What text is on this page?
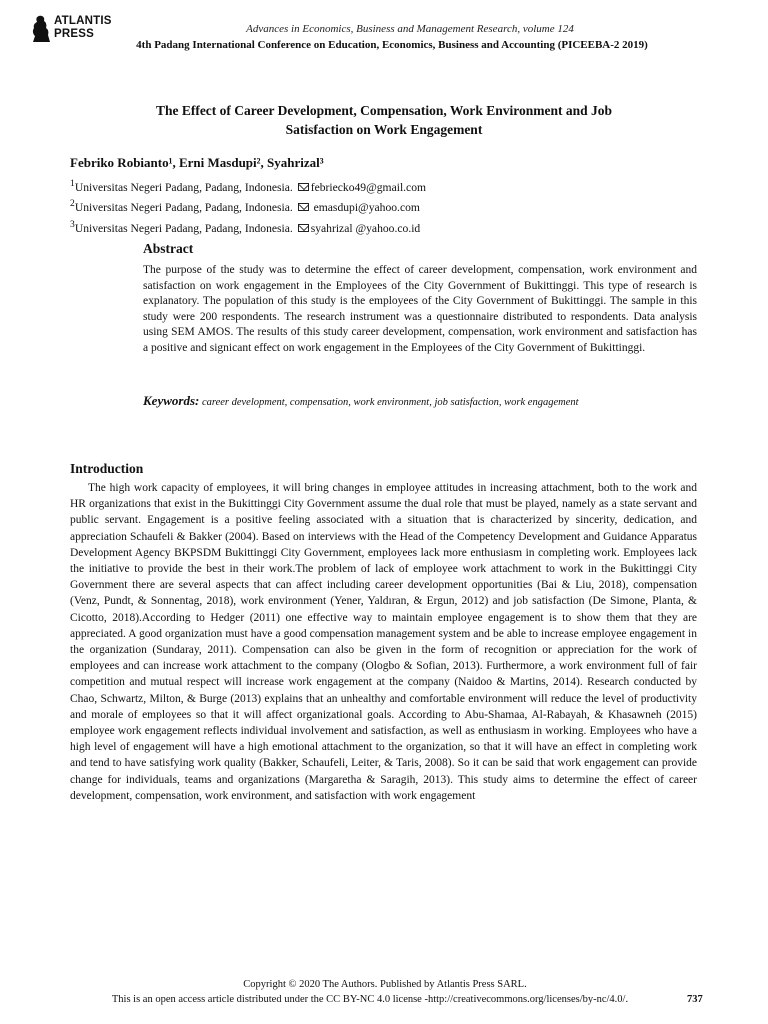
ATLANTIS
PRESS	Advances in Economics, Business and Management Research, volume 124
4th Padang International Conference on Education, Economics, Business and Accounting (PICEEBA-2 2019)
The Effect of Career Development, Compensation, Work Environment and Job
Satisfaction on Work Engagement
Febriko Robianto¹, Erni Masdupi², Syahrizal³
$^1$Universitas Negeri Padang, Padang, Indonesia. febriecko49@gmail.com
$^2$Universitas Negeri Padang, Padang, Indonesia.  emasdupi@yahoo.com
$^3$Universitas Negeri Padang, Padang, Indonesia. syahrizal @yahoo.co.id
Abstract
The purpose of the study was to determine the effect of career development, compensation, work environment and satisfaction on work engagement in the Employees of the City Government of Bukittinggi. This type of research is explanatory. The population of this study is the employees of the City Government of Bukittinggi. The sample in this study were 200 respondents. The research instrument was a questionnaire distributed to respondents. Data analysis using SEM AMOS. The results of this study career development, compensation, work environment and satisfaction has a positive and signicant effect on work engagement in the Employees of the City Government of Bukittinggi.
Keywords: career development, compensation, work environment, job satisfaction, work engagement
Introduction

The high work capacity of employees, it will bring changes in employee attitudes in increasing attachment, both to the work and HR organizations that exist in the Bukittinggi City Government assume the dual role that must be played, namely as a state servant and public servant. Engagement is a positive feeling associated with a situation that is characterized by sincerity, dedication, and appreciation Schaufeli & Bakker (2004). Based on interviews with the Head of the Competency Development and Guidance Apparatus Development Agency BKPSDM Bukittinggi City Government, employees lack more enthusiasm in completing work. Employees lack the initiative to provide the best in their work.The problem of lack of employee work attachment to work in the Bukittinggi City Government there are several aspects that can affect including career development opportunities (Bai & Liu, 2018), compensation (Venz, Pundt, & Sonnentag, 2018), work environment (Yener, Yaldıran, & Ergun, 2012) and job satisfaction (De Simone, Planta, & Cicotto, 2018).According to Hedger (2011) one effective way to maintain employee engagement is to show them that they are appreciated. A good organization must have a good compensation management system and be able to increase employee engagement in the organization (Sundaray, 2011). Compensation can also be given in the form of recognition or appreciation for the work of employees and can increase work attachment to the company (Ologbo & Sofian, 2013). Furthermore, a work environment full of fair competition and mutual respect will increase work engagement at the company (Naidoo & Martins, 2014). Research conducted by Chao, Schwartz, Milton, & Burge (2013) explains that an unhealthy and comfortable environment will reduce the level of productivity and morale of employees so that it will affect organizational goals. According to Abu-Shamaa, Al-Rabayah, & Khasawneh (2015) employee work engagement reflects individual involvement and satisfaction, as well as enthusiasm in working. Employees who have a high level of engagement will have a high emotional attachment to the organization, so that it will have an effect in completing work and tend to have satisfying work quality (Bakker, Schaufeli, Leiter, & Taris, 2008). So it can be said that work engagement can provide change for individuals, teams and organizations (Margaretha & Saragih, 2013). This study aims to determine the effect of career development, compensation, work environment, and satisfaction with work engagement

Copyright © 2020 The Authors. Published by Atlantis Press SARL.
This is an open access article distributed under the CC BY-NC 4.0 license -http://creativecommons.org/licenses/by-nc/4.0/.	737
